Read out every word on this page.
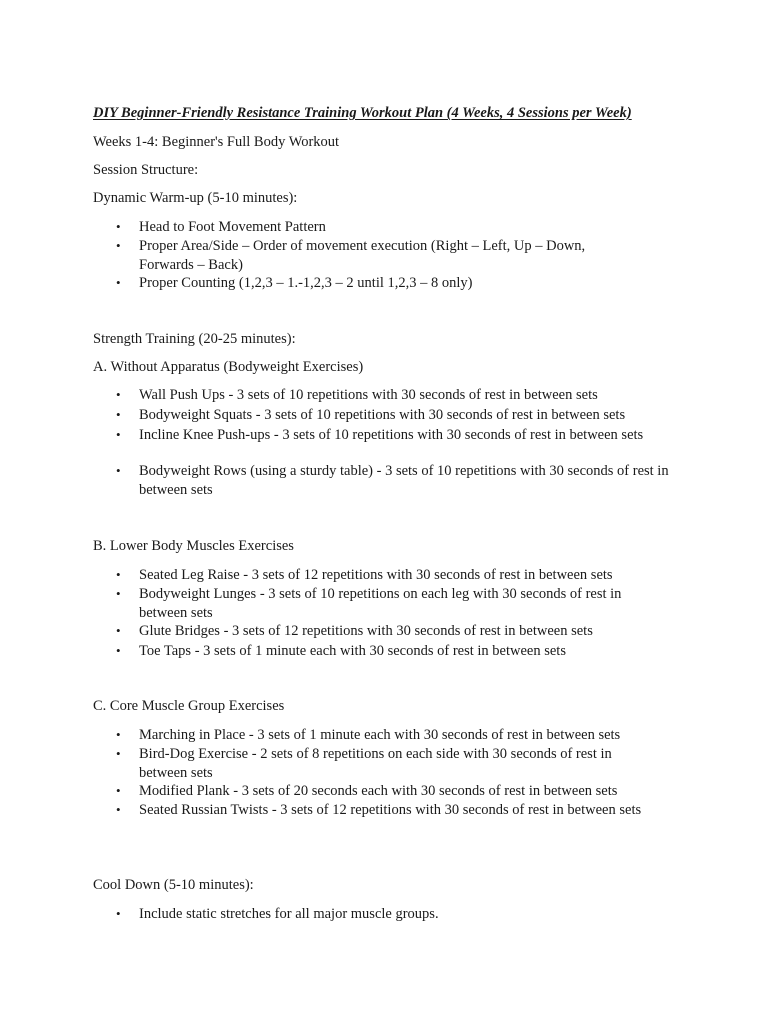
DIY Beginner-Friendly Resistance Training Workout Plan (4 Weeks, 4 Sessions per Week)
Weeks 1-4: Beginner's Full Body Workout
Session Structure:
Dynamic Warm-up (5-10 minutes):
• Head to Foot Movement Pattern
• Proper Area/Side – Order of movement execution (Right – Left, Up – Down, Forwards – Back)
• Proper Counting (1,2,3 – 1.-1,2,3 – 2 until 1,2,3 – 8 only)
Strength Training (20-25 minutes):
A. Without Apparatus (Bodyweight Exercises)
• Wall Push Ups - 3 sets of 10 repetitions with 30 seconds of rest in between sets
• Bodyweight Squats - 3 sets of 10 repetitions with 30 seconds of rest in between sets
• Incline Knee Push-ups - 3 sets of 10 repetitions with 30 seconds of rest in between sets
• Bodyweight Rows (using a sturdy table) - 3 sets of 10 repetitions with 30 seconds of rest in between sets
B. Lower Body Muscles Exercises
• Seated Leg Raise - 3 sets of 12 repetitions with 30 seconds of rest in between sets
• Bodyweight Lunges - 3 sets of 10 repetitions on each leg with 30 seconds of rest in between sets
• Glute Bridges - 3 sets of 12 repetitions with 30 seconds of rest in between sets
• Toe Taps - 3 sets of 1 minute each with 30 seconds of rest in between sets
C. Core Muscle Group Exercises
• Marching in Place - 3 sets of 1 minute each with 30 seconds of rest in between sets
• Bird-Dog Exercise - 2 sets of 8 repetitions on each side with 30 seconds of rest in between sets
• Modified Plank - 3 sets of 20 seconds each with 30 seconds of rest in between sets
• Seated Russian Twists - 3 sets of 12 repetitions with 30 seconds of rest in between sets
Cool Down (5-10 minutes):
• Include static stretches for all major muscle groups.
